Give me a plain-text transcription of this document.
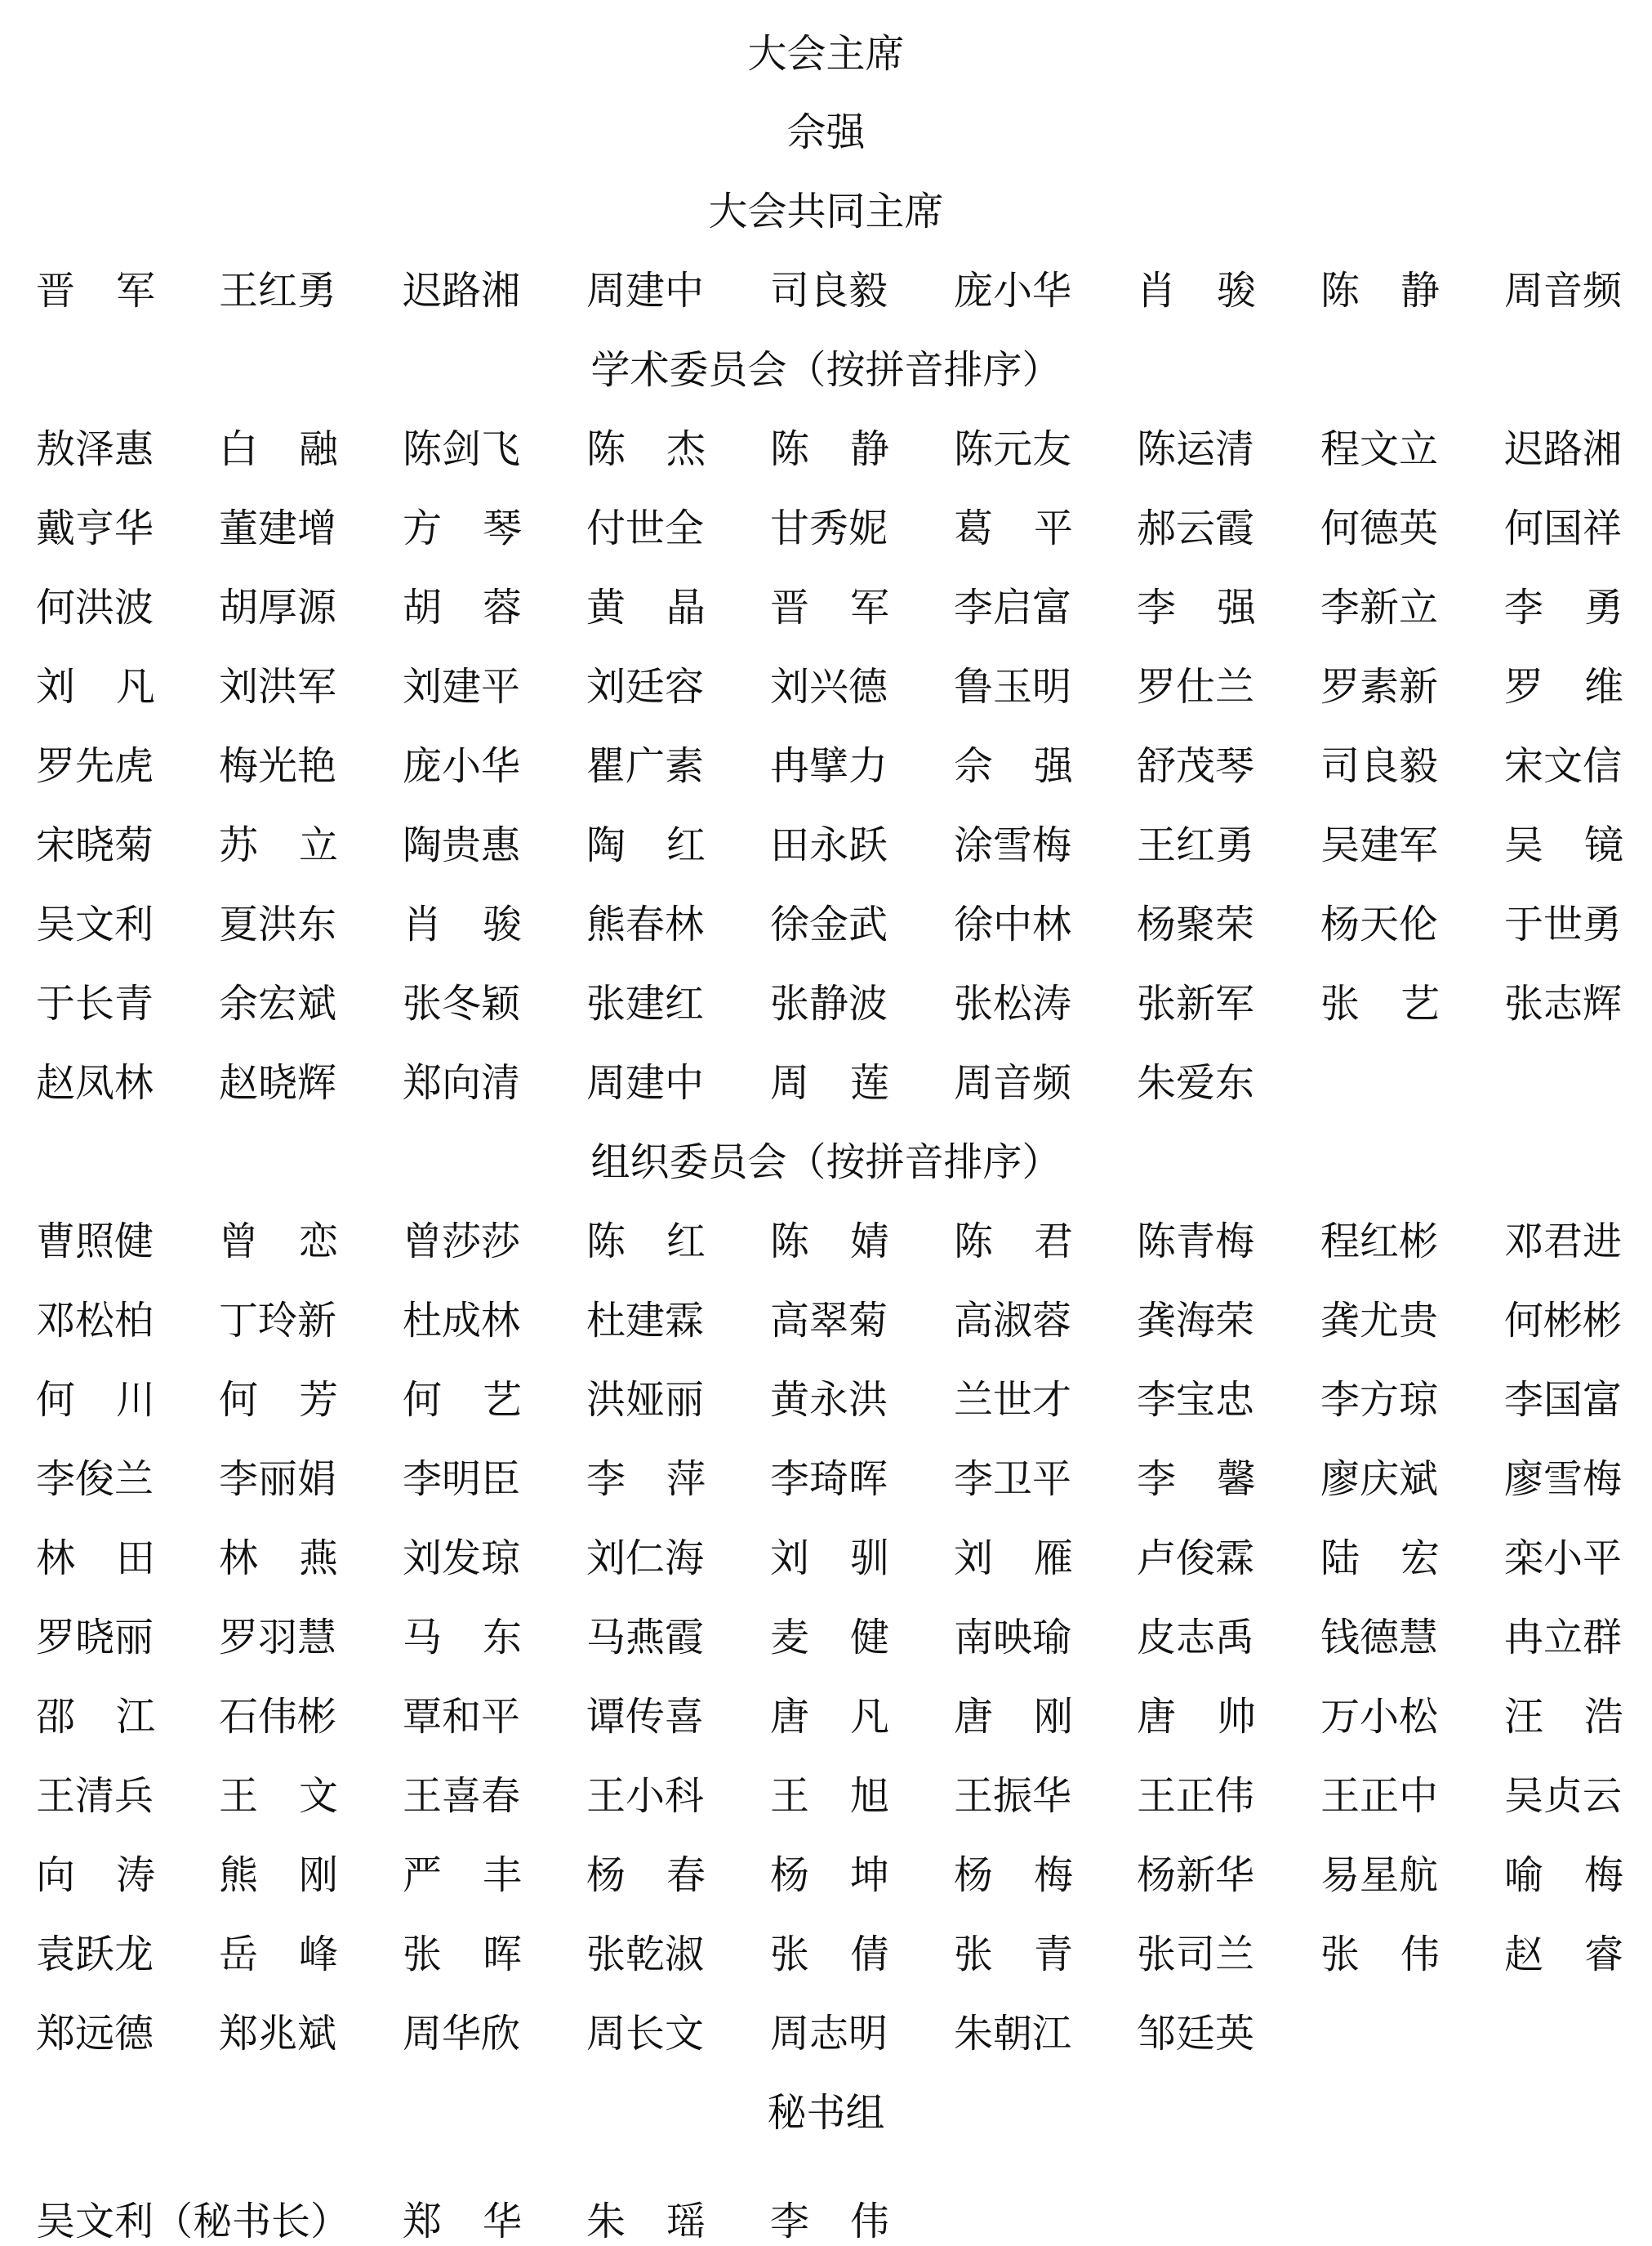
大会主席
佘强
大会共同主席
晋 军 王红勇 迟路湘 周建中 司良毅 庞小华 肖 骏 陈 静 周音频
学术委员会（按拼音排序）
敖泽惠 白 融 陈剑飞 陈 杰 陈 静 陈元友 陈运清 程文立 迟路湘
戴亨华 董建增 方 琴 付世全 甘秀妮 葛 平 郝云霞 何德英 何国祥
何洪波 胡厚源 胡 蓉 黄 晶 晋 军 李启富 李 强 李新立 李 勇
刘 凡 刘洪军 刘建平 刘廷容 刘兴德 鲁玉明 罗仕兰 罗素新 罗 维
罗先虎 梅光艳 庞小华 瞿广素 冉擘力 佘 强 舒茂琴 司良毅 宋文信
宋晓菊 苏 立 陶贵惠 陶 红 田永跃 涂雪梅 王红勇 吴建军 吴 镜
吴文利 夏洪东 肖 骏 熊春林 徐金武 徐中林 杨聚荣 杨天伦 于世勇
于长青 余宏斌 张冬颖 张建红 张静波 张松涛 张新军 张 艺 张志辉
赵凤林 赵晓辉 郑向清 周建中 周 莲 周音频 朱爱东
组织委员会（按拼音排序）
曹照健 曾 恋 曾莎莎 陈 红 陈 婧 陈 君 陈青梅 程红彬 邓君进
邓松柏 丁玲新 杜成林 杜建霖 高翠菊 高淑蓉 龚海荣 龚尤贵 何彬彬
何 川 何 芳 何 艺 洪娅丽 黄永洪 兰世才 李宝忠 李方琼 李国富
李俊兰 李丽娟 李明臣 李 萍 李琦晖 李卫平 李 馨 廖庆斌 廖雪梅
林 田 林 燕 刘发琼 刘仁海 刘 驯 刘 雁 卢俊霖 陆 宏 栾小平
罗晓丽 罗羽慧 马 东 马燕霞 麦 健 南映瑜 皮志禹 钱德慧 冉立群
邵 江 石伟彬 覃和平 谭传喜 唐 凡 唐 刚 唐 帅 万小松 汪 浩
王清兵 王 文 王喜春 王小科 王 旭 王振华 王正伟 王正中 吴贞云
向 涛 熊 刚 严 丰 杨 春 杨 坤 杨 梅 杨新华 易星航 喻 梅
袁跃龙 岳 峰 张 晖 张乾淑 张 倩 张 青 张司兰 张 伟 赵 睿
郑远德 郑兆斌 周华欣 周长文 周志明 朱朝江 邹廷英
秘书组
吴文利（秘书长） 郑 华 朱 瑶 李 伟
